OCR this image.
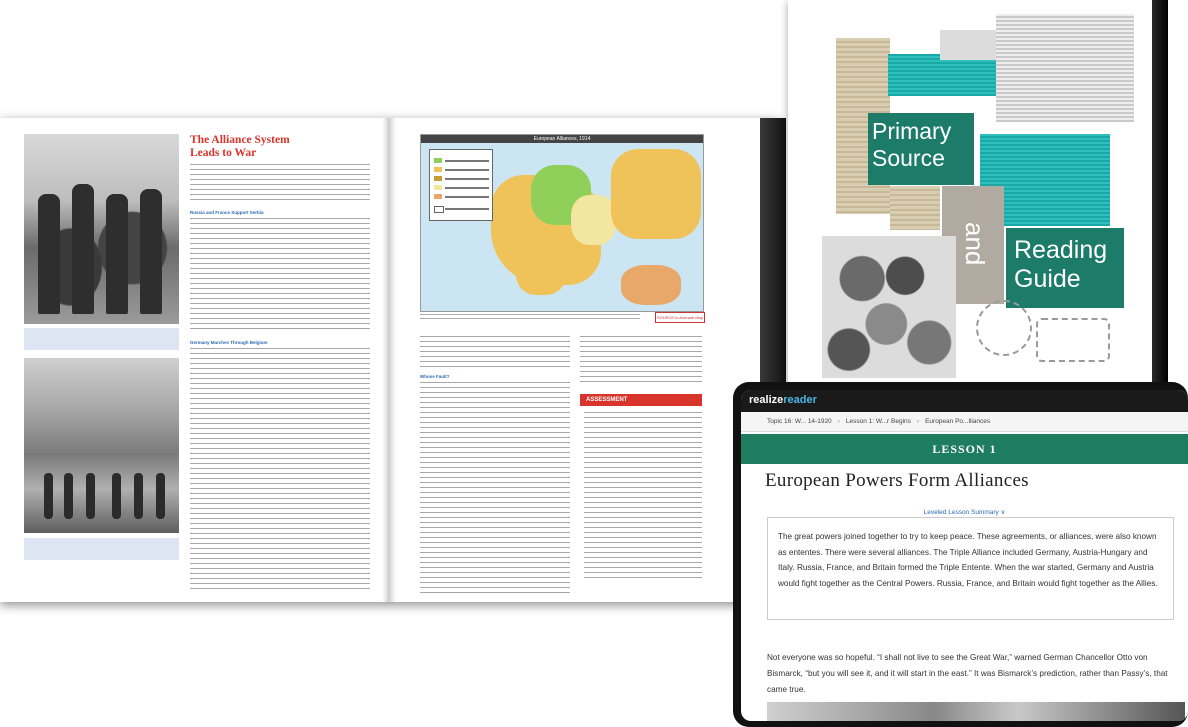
The Alliance System
Leads to War
Russia and France Support Serbia
Germany Marches Through Belgium
European Alliances, 1914
SOURCE to Animate Map
Whose Fault?
ASSESSMENT
Primary
Source
and Reading
Guide
realizereader
Topic 16: W... 14-1920 › Lesson 1: W...r Begins › European Po...lliances
LESSON 1
European Powers Form Alliances
Leveled Lesson Summary ∨
The great powers joined together to try to keep peace. These agreements, or alliances, were also known as ententes. There were several alliances. The Triple Alliance included Germany, Austria-Hungary and Italy. Russia, France, and Britain formed the Triple Entente. When the war started, Germany and Austria would fight together as the Central Powers. Russia, France, and Britain would fight together as the Allies.
Not everyone was so hopeful. “I shall not live to see the Great War,” warned German Chancellor Otto von Bismarck, “but you will see it, and it will start in the east.” It was Bismarck’s prediction, rather than Passy’s, that came true.
